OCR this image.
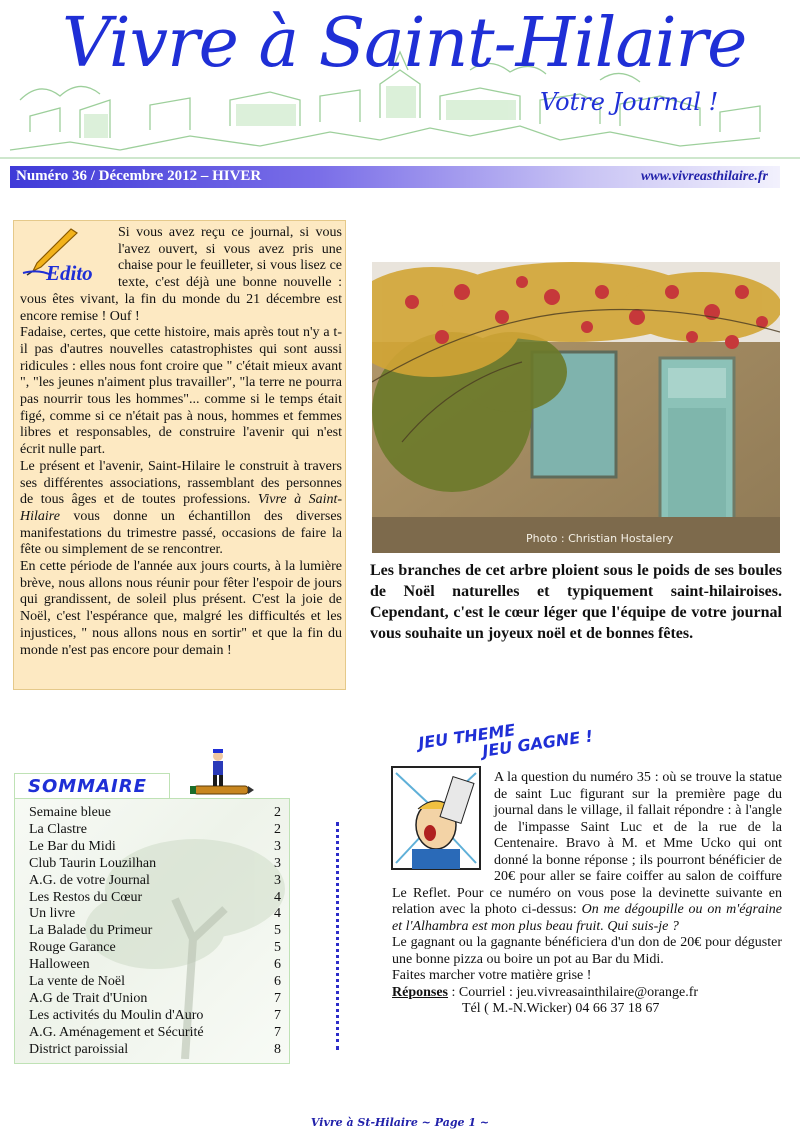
Vivre à Saint-Hilaire
Votre Journal !
Numéro 36 / Décembre 2012 – HIVER	www.vivreasthilaire.fr
Edito

Si vous avez reçu ce journal, si vous l'avez ouvert, si vous avez pris une chaise pour le feuilleter, si vous lisez ce texte, c'est déjà une bonne nouvelle : vous êtes vivant, la fin du monde du 21 décembre est encore remise ! Ouf !

Fadaise, certes, que cette histoire, mais après tout n'y a t-il pas d'autres nouvelles catastrophistes qui sont aussi ridicules : elles nous font croire que " c'était mieux avant ", "les jeunes n'aiment plus travailler", "la terre ne pourra pas nourrir tous les hommes"... comme si le temps était figé, comme si ce n'était pas à nous, hommes et femmes libres et responsables, de construire l'avenir qui n'est écrit nulle part.

Le présent et l'avenir, Saint-Hilaire le construit à travers ses différentes associations, rassemblant des personnes de tous âges et de toutes professions. Vivre à Saint-Hilaire vous donne un échantillon des diverses manifestations du trimestre passé, occasions de faire la fête ou simplement de se rencontrer.

En cette période de l'année aux jours courts, à la lumière brève, nous allons nous réunir pour fêter l'espoir de jours qui grandissent, de soleil plus présent. C'est la joie de Noël, c'est l'espérance que, malgré les difficultés et les injustices, " nous allons nous en sortir" et que la fin du monde n'est pas encore pour demain !

Photo : Christian Hostalery
Les branches de cet arbre ploient sous le poids de ses boules de Noël naturelles et typiquement saint-hilairoises. Cependant, c'est le cœur léger que l'équipe de votre journal vous souhaite un joyeux noël et de bonnes fêtes.
SOMMAIRE
Semaine bleue	2
La Clastre	2
Le Bar du Midi	3
Club Taurin Louzilhan	3
A.G. de votre Journal	3
Les Restos du Cœur	4
Un livre	4
La Balade du Primeur	5
Rouge Garance	5
Halloween	6
La vente de Noël	6
A.G de Trait d'Union	7
Les activités du Moulin d'Auro	7
A.G. Aménagement et Sécurité	7
District paroissial	8
JEU THEME
JEU GAGNE !

A la question du numéro 35 : où se trouve la statue de saint Luc figurant sur la première page du journal dans le village, il fallait répondre : à l'angle de l'impasse Saint Luc et de la rue de la Centenaire. Bravo à M. et Mme Ucko qui ont donné la bonne réponse ; ils pourront bénéficier de 20€ pour aller se faire coiffer au salon de coiffure Le Reflet. Pour ce numéro on vous pose la devinette suivante en relation avec la photo ci-dessus: On me dégoupille ou on m'égraine et l'Alhambra est mon plus beau fruit. Qui suis-je ?

Le gagnant ou la gagnante bénéficiera d'un don de 20€ pour déguster une bonne pizza ou boire un pot au Bar du Midi.

Faites marcher votre matière grise !

Réponses : Courriel : jeu.vivreasainthilaire@orange.fr

Tél ( M.-N.Wicker) 04 66 37 18 67

Vivre à St-Hilaire ~ Page 1 ~
